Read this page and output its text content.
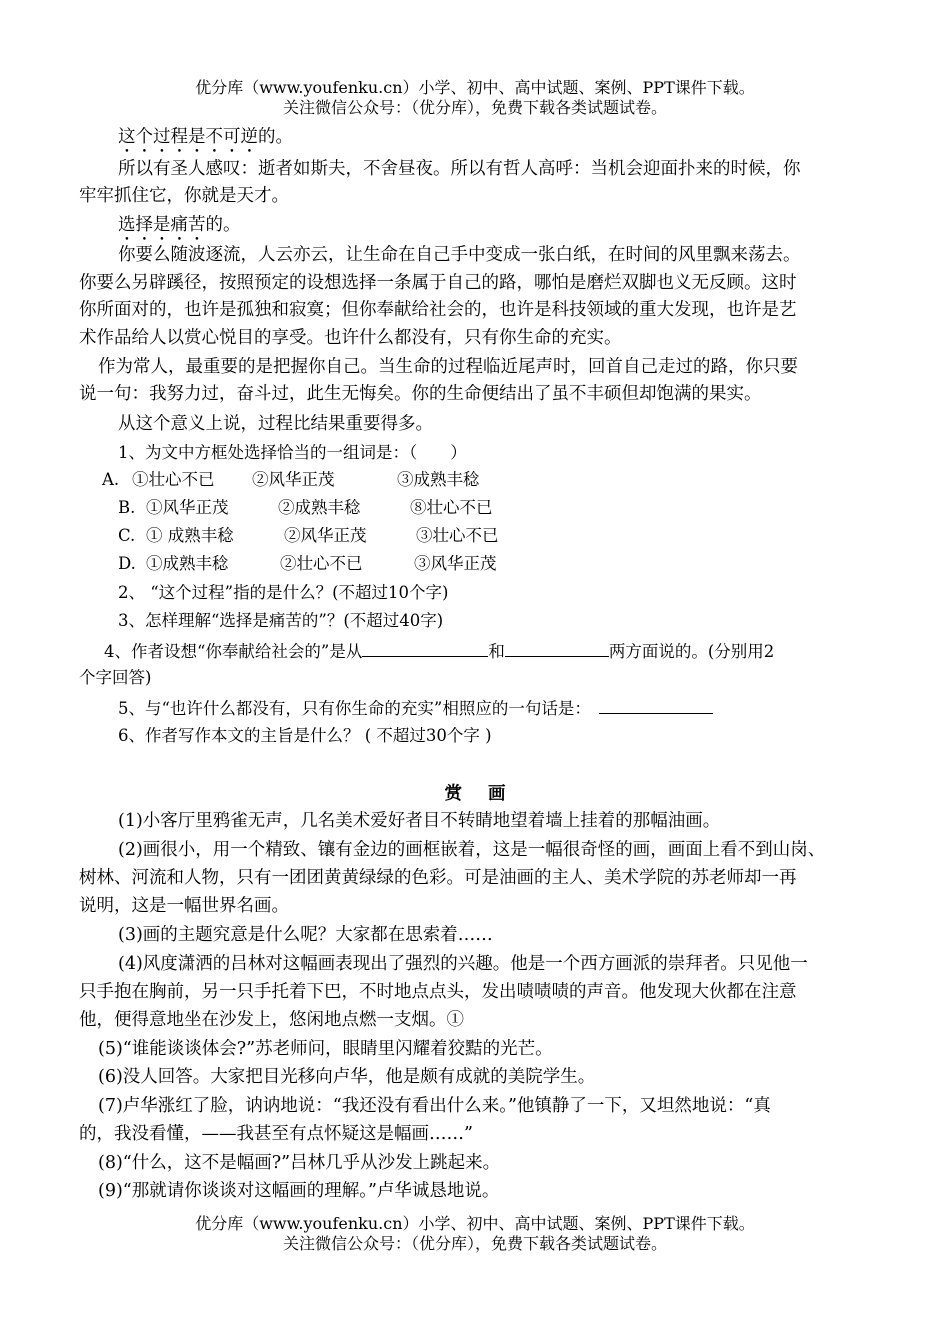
优分库（www.youfenku.cn）小学、初中、高中试题、案例、PPT课件下载。
关注微信公众号：（优分库），免费下载各类试题试卷。
这个过程是不可逆的。
所以有圣人感叹：逝者如斯夫，不舍昼夜。所以有哲人高呼：当机会迎面扑来的时候，你
牢牢抓住它，你就是天才。
选择是痛苦的。
你要么随波逐流，人云亦云，让生命在自己手中变成一张白纸，在时间的风里飘来荡去。
你要么另辟蹊径，按照预定的设想选择一条属于自己的路，哪怕是磨烂双脚也义无反顾。这时
你所面对的，也许是孤独和寂寞；但你奉献给社会的，也许是科技领域的重大发现，也许是艺
术作品给人以赏心悦目的享受。也许什么都没有，只有你生命的充实。
作为常人，最重要的是把握你自己。当生命的过程临近尾声时，回首自己走过的路，你只要
说一句：我努力过，奋斗过，此生无悔矣。你的生命便结出了虽不丰硕但却饱满的果实。
从这个意义上说，过程比结果重要得多。
1、为文中方框处选择恰当的一组词是：（　　）
A. ①壮心不已 ②风华正茂	③成熟丰稔
B. ①风华正茂	②成熟丰稔	⑧壮心不已
C. ① 成熟丰稔	②风华正茂	③壮心不已
D. ①成熟丰稔	②壮心不已	③风华正茂
2、 “这个过程”指的是什么？(不超过10个字)
3、怎样理解“选择是痛苦的”？(不超过40字)
4、作者设想“你奉献给社会的”是从	和	两方面说的。(分别用2
个字回答)
5、与“也许什么都没有，只有你生命的充实”相照应的一句话是：
6、作者写作本文的主旨是什么？ ( 不超过30个字 )
赏画
(1)小客厅里鸦雀无声，几名美术爱好者目不转睛地望着墙上挂着的那幅油画。
(2)画很小，用一个精致、镶有金边的画框嵌着，这是一幅很奇怪的画，画面上看不到山岗、
树林、河流和人物，只有一团团黄黄绿绿的色彩。可是油画的主人、美术学院的苏老师却一再
说明，这是一幅世界名画。
(3)画的主题究意是什么呢？大家都在思索着……
(4)风度潇洒的吕林对这幅画表现出了强烈的兴趣。他是一个西方画派的崇拜者。只见他一
只手抱在胸前，另一只手托着下巴，不时地点点头，发出啧啧啧的声音。他发现大伙都在注意
他，便得意地坐在沙发上，悠闲地点燃一支烟。①
(5)“谁能谈谈体会?”苏老师问，眼睛里闪耀着狡黠的光芒。
(6)没人回答。大家把目光移向卢华，他是颇有成就的美院学生。
(7)卢华涨红了脸，讷讷地说：“我还没有看出什么来。”他镇静了一下，又坦然地说：“真
的，我没看懂，——我甚至有点怀疑这是幅画……”
(8)“什么，这不是幅画?”吕林几乎从沙发上跳起来。
(9)“那就请你谈谈对这幅画的理解。”卢华诚恳地说。
优分库（www.youfenku.cn）小学、初中、高中试题、案例、PPT课件下载。
关注微信公众号：（优分库），免费下载各类试题试卷。
